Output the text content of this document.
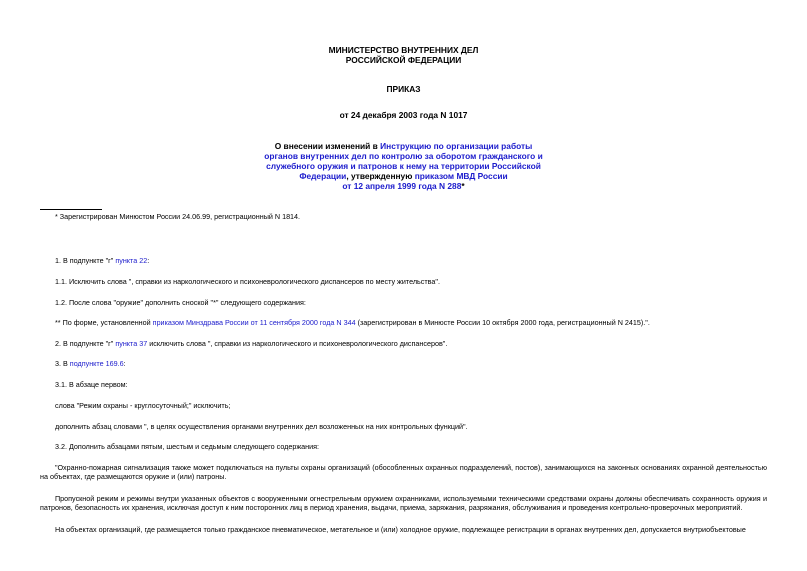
МИНИСТЕРСТВО ВНУТРЕННИХ ДЕЛ
РОССИЙСКОЙ ФЕДЕРАЦИИ
ПРИКАЗ
от 24 декабря 2003 года N 1017
О внесении изменений в Инструкцию по организации работы
органов внутренних дел по контролю за оборотом гражданского и
служебного оружия и патронов к нему на территории Российской
Федерации, утвержденную приказом МВД России
от 12 апреля 1999 года N 288*
* Зарегистрирован Минюстом России 24.06.99, регистрационный N 1814.
1. В подпункте "г" пункта 22:
1.1. Исключить слова ", справки из наркологического и психоневрологического диспансеров по месту жительства".
1.2. После слова "оружие" дополнить сноской "*" следующего содержания:
** По форме, установленной приказом Минздрава России от 11 сентября 2000 года N 344 (зарегистрирован в Минюсте России 10 октября 2000 года, регистрационный N 2415).".
2. В подпункте "г" пункта 37 исключить слова ", справки из наркологического и психоневрологического диспансеров".
3. В подпункте 169.6:
3.1. В абзаце первом:
слова "Режим охраны - круглосуточный;" исключить;
дополнить абзац словами ", в целях осуществления органами внутренних дел возложенных на них контрольных функций".
3.2. Дополнить абзацами пятым, шестым и седьмым следующего содержания:
"Охранно-пожарная сигнализация также может подключаться на пульты охраны организаций (обособленных охранных подразделений, постов), занимающихся на законных основаниях охранной деятельностью на объектах, где размещаются оружие и (или) патроны.
Пропускной режим и режимы внутри указанных объектов с вооруженными огнестрельным оружием охранниками, используемыми техническими средствами охраны должны обеспечивать сохранность оружия и патронов, безопасность их хранения, исключая доступ к ним посторонних лиц в период хранения, выдачи, приема, заряжания, разряжания, обслуживания и проведения контрольно-проверочных мероприятий.
На объектах организаций, где размещается только гражданское пневматическое, метательное и (или) холодное оружие, подлежащее регистрации в органах внутренних дел, допускается внутриобъектовые
